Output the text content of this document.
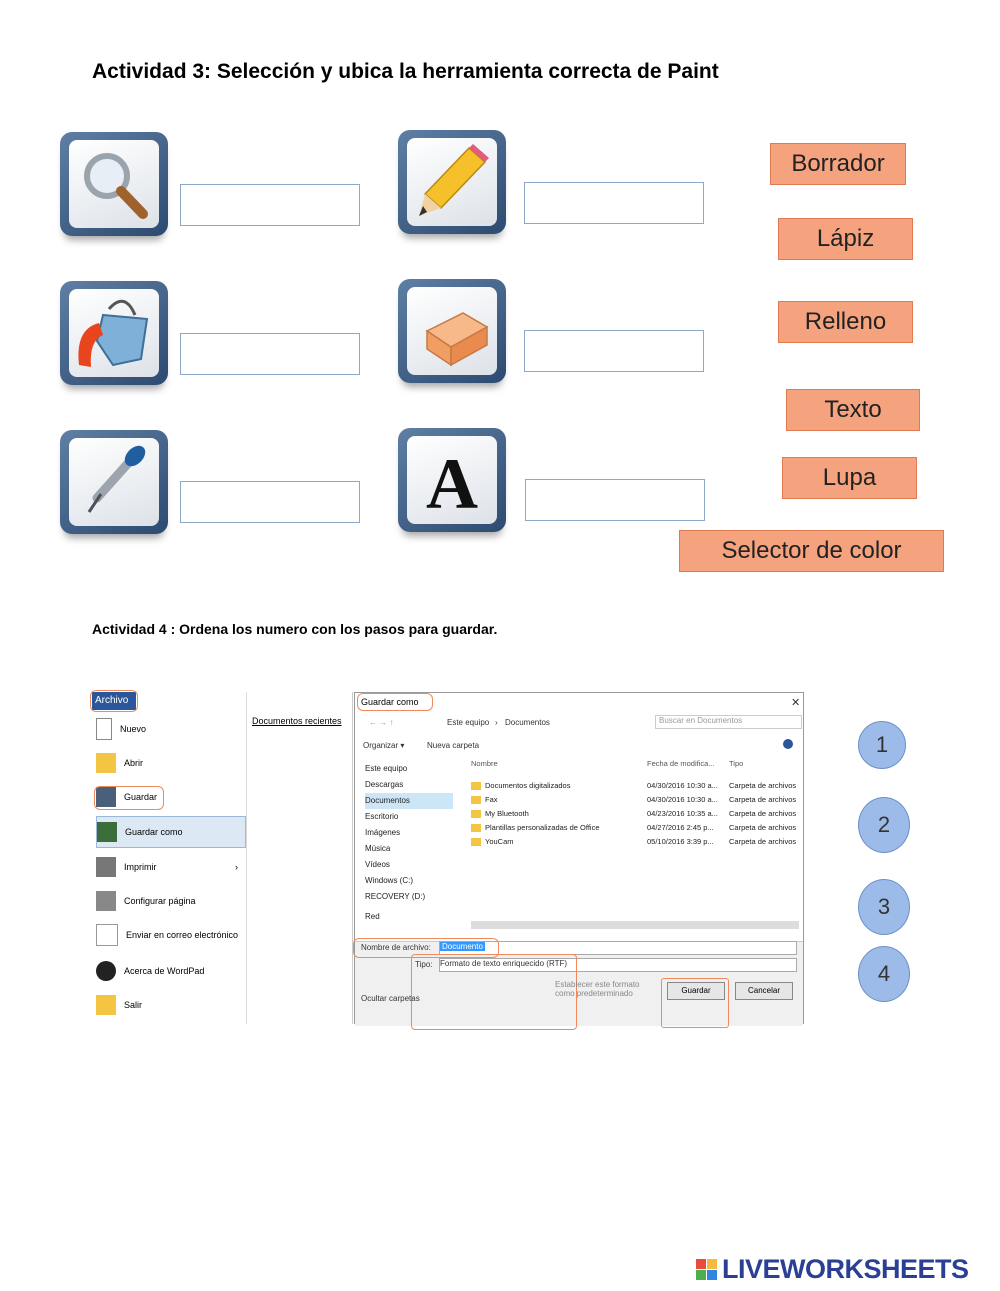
Actividad 3: Selección y ubica la herramienta correcta de Paint
A
Borrador
Lápiz
Relleno
Texto
Lupa
Selector de color
Actividad 4 : Ordena los numero con los pasos para guardar.
Archivo
Documentos recientes
Nuevo
Abrir
Guardar
Guardar como
Imprimir	›
Configurar página
Enviar en correo electrónico
Acerca de WordPad
Salir
Guardar como	✕
← → ↑	Este equipo › Documentos	Buscar en Documentos
Organizar ▾	Nueva carpeta
Este equipo
Descargas
Documentos
Escritorio
Imágenes
Música
Vídeos
Windows (C:)
RECOVERY (D:)
Red
Nombre	Fecha de modifica... Tipo
Documentos digitalizados	04/30/2016 10:30 a... Carpeta de archivos
Fax	04/30/2016 10:30 a... Carpeta de archivos
My Bluetooth	04/23/2016 10:35 a... Carpeta de archivos
Plantillas personalizadas de Office	04/27/2016 2:45 p... Carpeta de archivos
YouCam	05/10/2016 3:39 p... Carpeta de archivos
Nombre de archivo:	Documento
Tipo: Formato de texto enriquecido (RTF)
Establecer este formato como predeterminado
Ocultar carpetas
Guardar	Cancelar
1
2
3
4
LIVEWORKSHEETS
